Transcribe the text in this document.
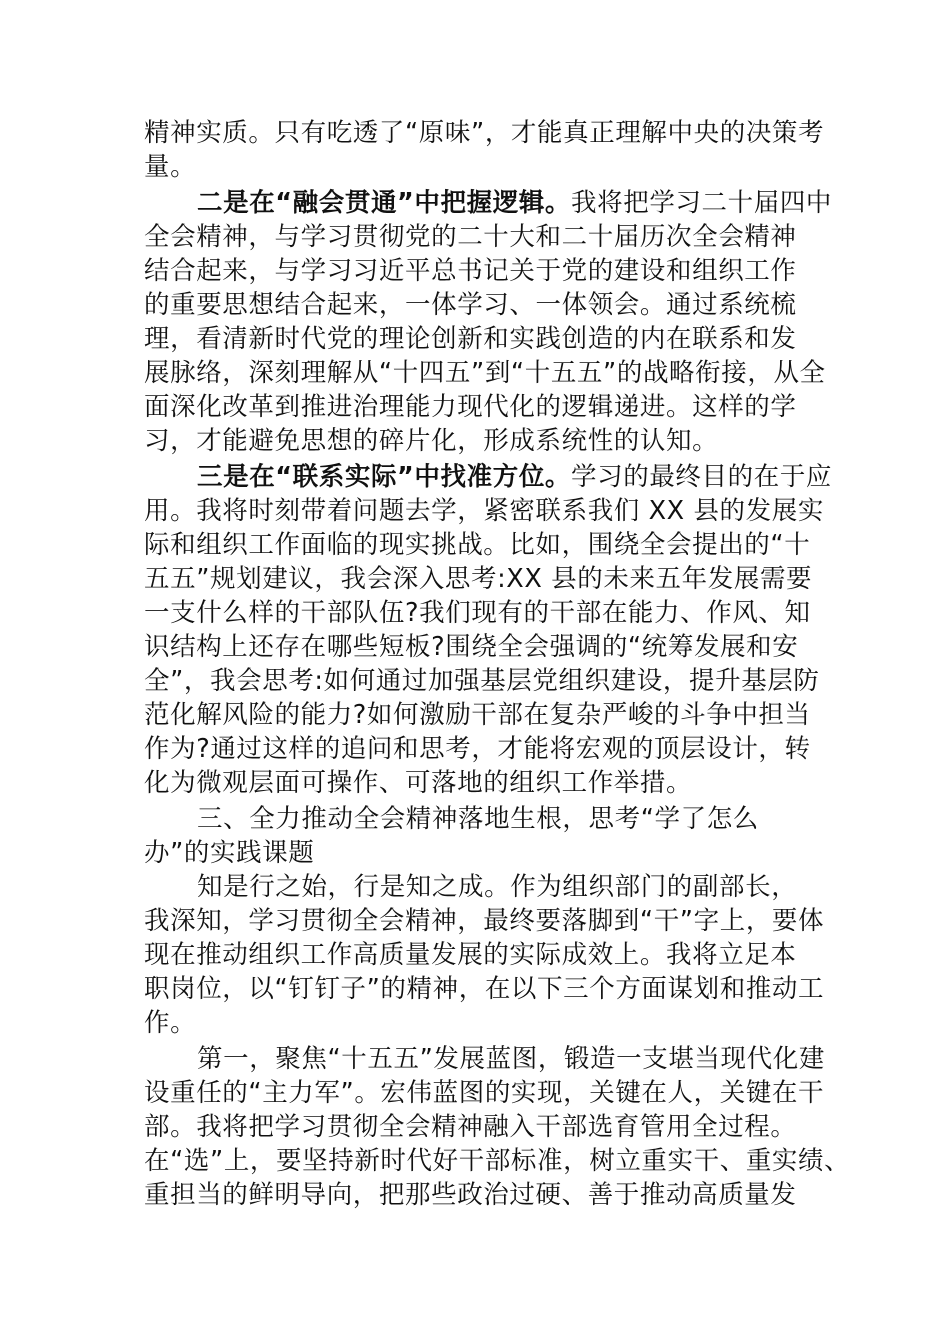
精神实质。只有吃透了“原味”，才能真正理解中央的决策考
量。
二是在“融会贯通”中把握逻辑。我将把学习二十届四中
全会精神，与学习贯彻党的二十大和二十届历次全会精神
结合起来，与学习习近平总书记关于党的建设和组织工作
的重要思想结合起来，一体学习、一体领会。通过系统梳
理，看清新时代党的理论创新和实践创造的内在联系和发
展脉络，深刻理解从“十四五”到“十五五”的战略衔接，从全
面深化改革到推进治理能力现代化的逻辑递进。这样的学
习，才能避免思想的碎片化，形成系统性的认知。
三是在“联系实际”中找准方位。学习的最终目的在于应
用。我将时刻带着问题去学，紧密联系我们 XX 县的发展实
际和组织工作面临的现实挑战。比如，围绕全会提出的“十
五五”规划建议，我会深入思考:XX 县的未来五年发展需要
一支什么样的干部队伍?我们现有的干部在能力、作风、知
识结构上还存在哪些短板?围绕全会强调的“统筹发展和安
全”，我会思考:如何通过加强基层党组织建设，提升基层防
范化解风险的能力?如何激励干部在复杂严峻的斗争中担当
作为?通过这样的追问和思考，才能将宏观的顶层设计，转
化为微观层面可操作、可落地的组织工作举措。
三、全力推动全会精神落地生根，思考“学了怎么
办”的实践课题
知是行之始，行是知之成。作为组织部门的副部长，
我深知，学习贯彻全会精神，最终要落脚到“干”字上，要体
现在推动组织工作高质量发展的实际成效上。我将立足本
职岗位，以“钉钉子”的精神，在以下三个方面谋划和推动工
作。
第一，聚焦“十五五”发展蓝图，锻造一支堪当现代化建
设重任的“主力军”。宏伟蓝图的实现，关键在人，关键在干
部。我将把学习贯彻全会精神融入干部选育管用全过程。
在“选”上，要坚持新时代好干部标准，树立重实干、重实绩、
重担当的鲜明导向，把那些政治过硬、善于推动高质量发
